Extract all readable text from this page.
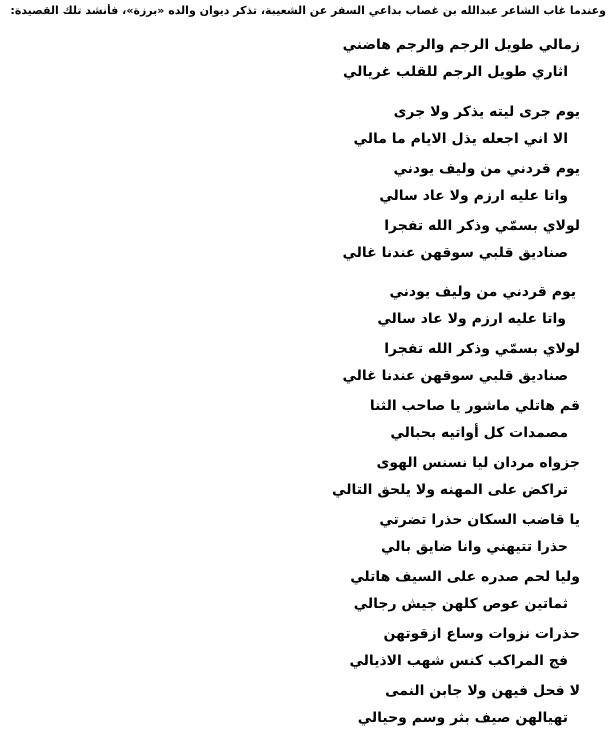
وعندما غاب الشاعر عبدالله بن غصاب بداعي السفر عن الشعيبة، تذكر ديوان والده «برزة»، فأنشد تلك القصيدة:
زمالي طويل الرجم والرجم هاضني
اثاري طويل الرجم للقلب غريالي
يوم جرى ليته يذكر ولا جرى
الا اني اجعله يذل الايام ما مالي
يوم قردني من وليف يودني
واتا عليه ارزم ولا عاد سالي
لولاي بسمّي وذكر الله تفجرا
صناديق قلبي سوقهن عندنا غالي
يوم قردني من وليف يودني
واتا عليه ارزم ولا عاد سالي
لولاي بسمّي وذكر الله تفجرا
صناديق قلبي سوقهن عندنا غالي
قم هاتلي ماشور يا صاحب الثنا
مصمدات كل أواتيه بحبالي
جزواه مردان ليا نسنس الهوى
تراكض على المهنه ولا يلحق التالي
يا قاضب السكان حذرا تضرتي
حذرا تتيهني وانا ضايق بالي
وليا لحم صدره على السيف هاتلي
ثماتين عوص كلهن جيش رجالي
حذرات نزوات وساع ازقوتهن
فج المراكب كنس شهب الاذيالي
لا فحل فيهن ولا جابن النمى
تهيالهن صيف بثر وسم وحيالي
